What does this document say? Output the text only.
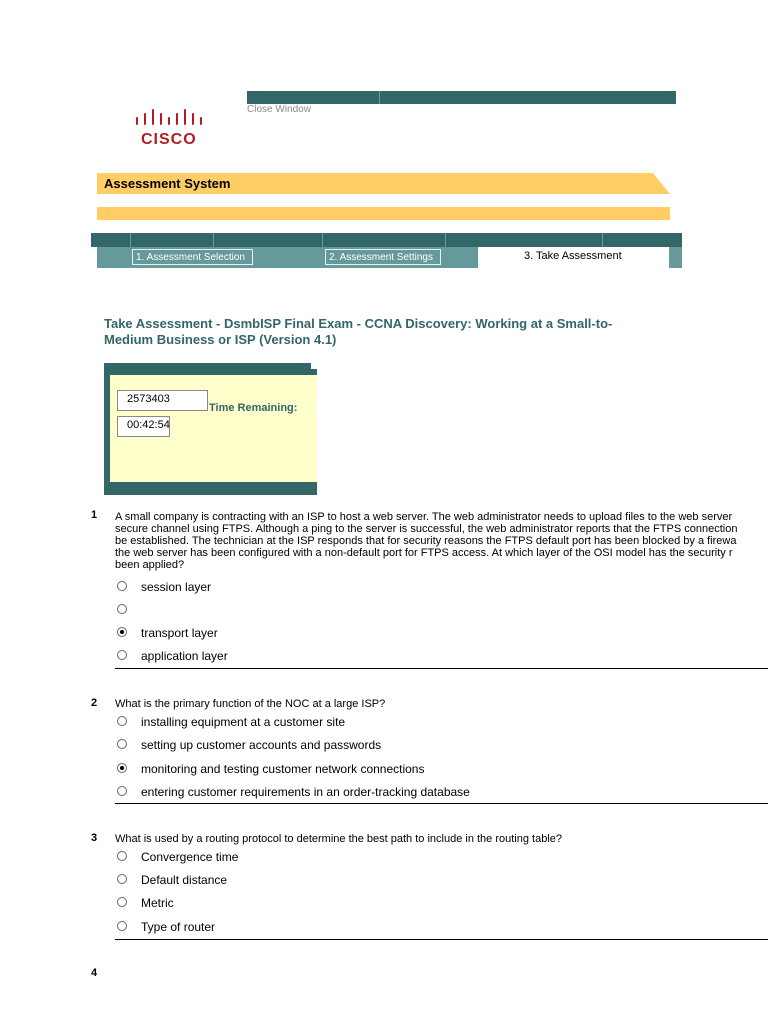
CISCO
Close Window
Assessment System
1. Assessment Selection	2. Assessment Settings	3. Take Assessment
Take Assessment - DsmbISP Final Exam - CCNA Discovery: Working at a Small-to-
Medium Business or ISP (Version 4.1)
2573403
00:42:54
Time Remaining:
1 A small company is contracting with an ISP to host a web server. The web administrator needs to upload files to the web server
secure channel using FTPS. Although a ping to the server is successful, the web administrator reports that the FTPS connection
be established. The technician at the ISP responds that for security reasons the FTPS default port has been blocked by a firewa
the web server has been configured with a non-default port for FTPS access. At which layer of the OSI model has the security r
been applied?
session layer
transport layer
application layer
2 What is the primary function of the NOC at a large ISP?
installing equipment at a customer site
setting up customer accounts and passwords
monitoring and testing customer network connections
entering customer requirements in an order-tracking database
3 What is used by a routing protocol to determine the best path to include in the routing table?
Convergence time
Default distance
Metric
Type of router
4
